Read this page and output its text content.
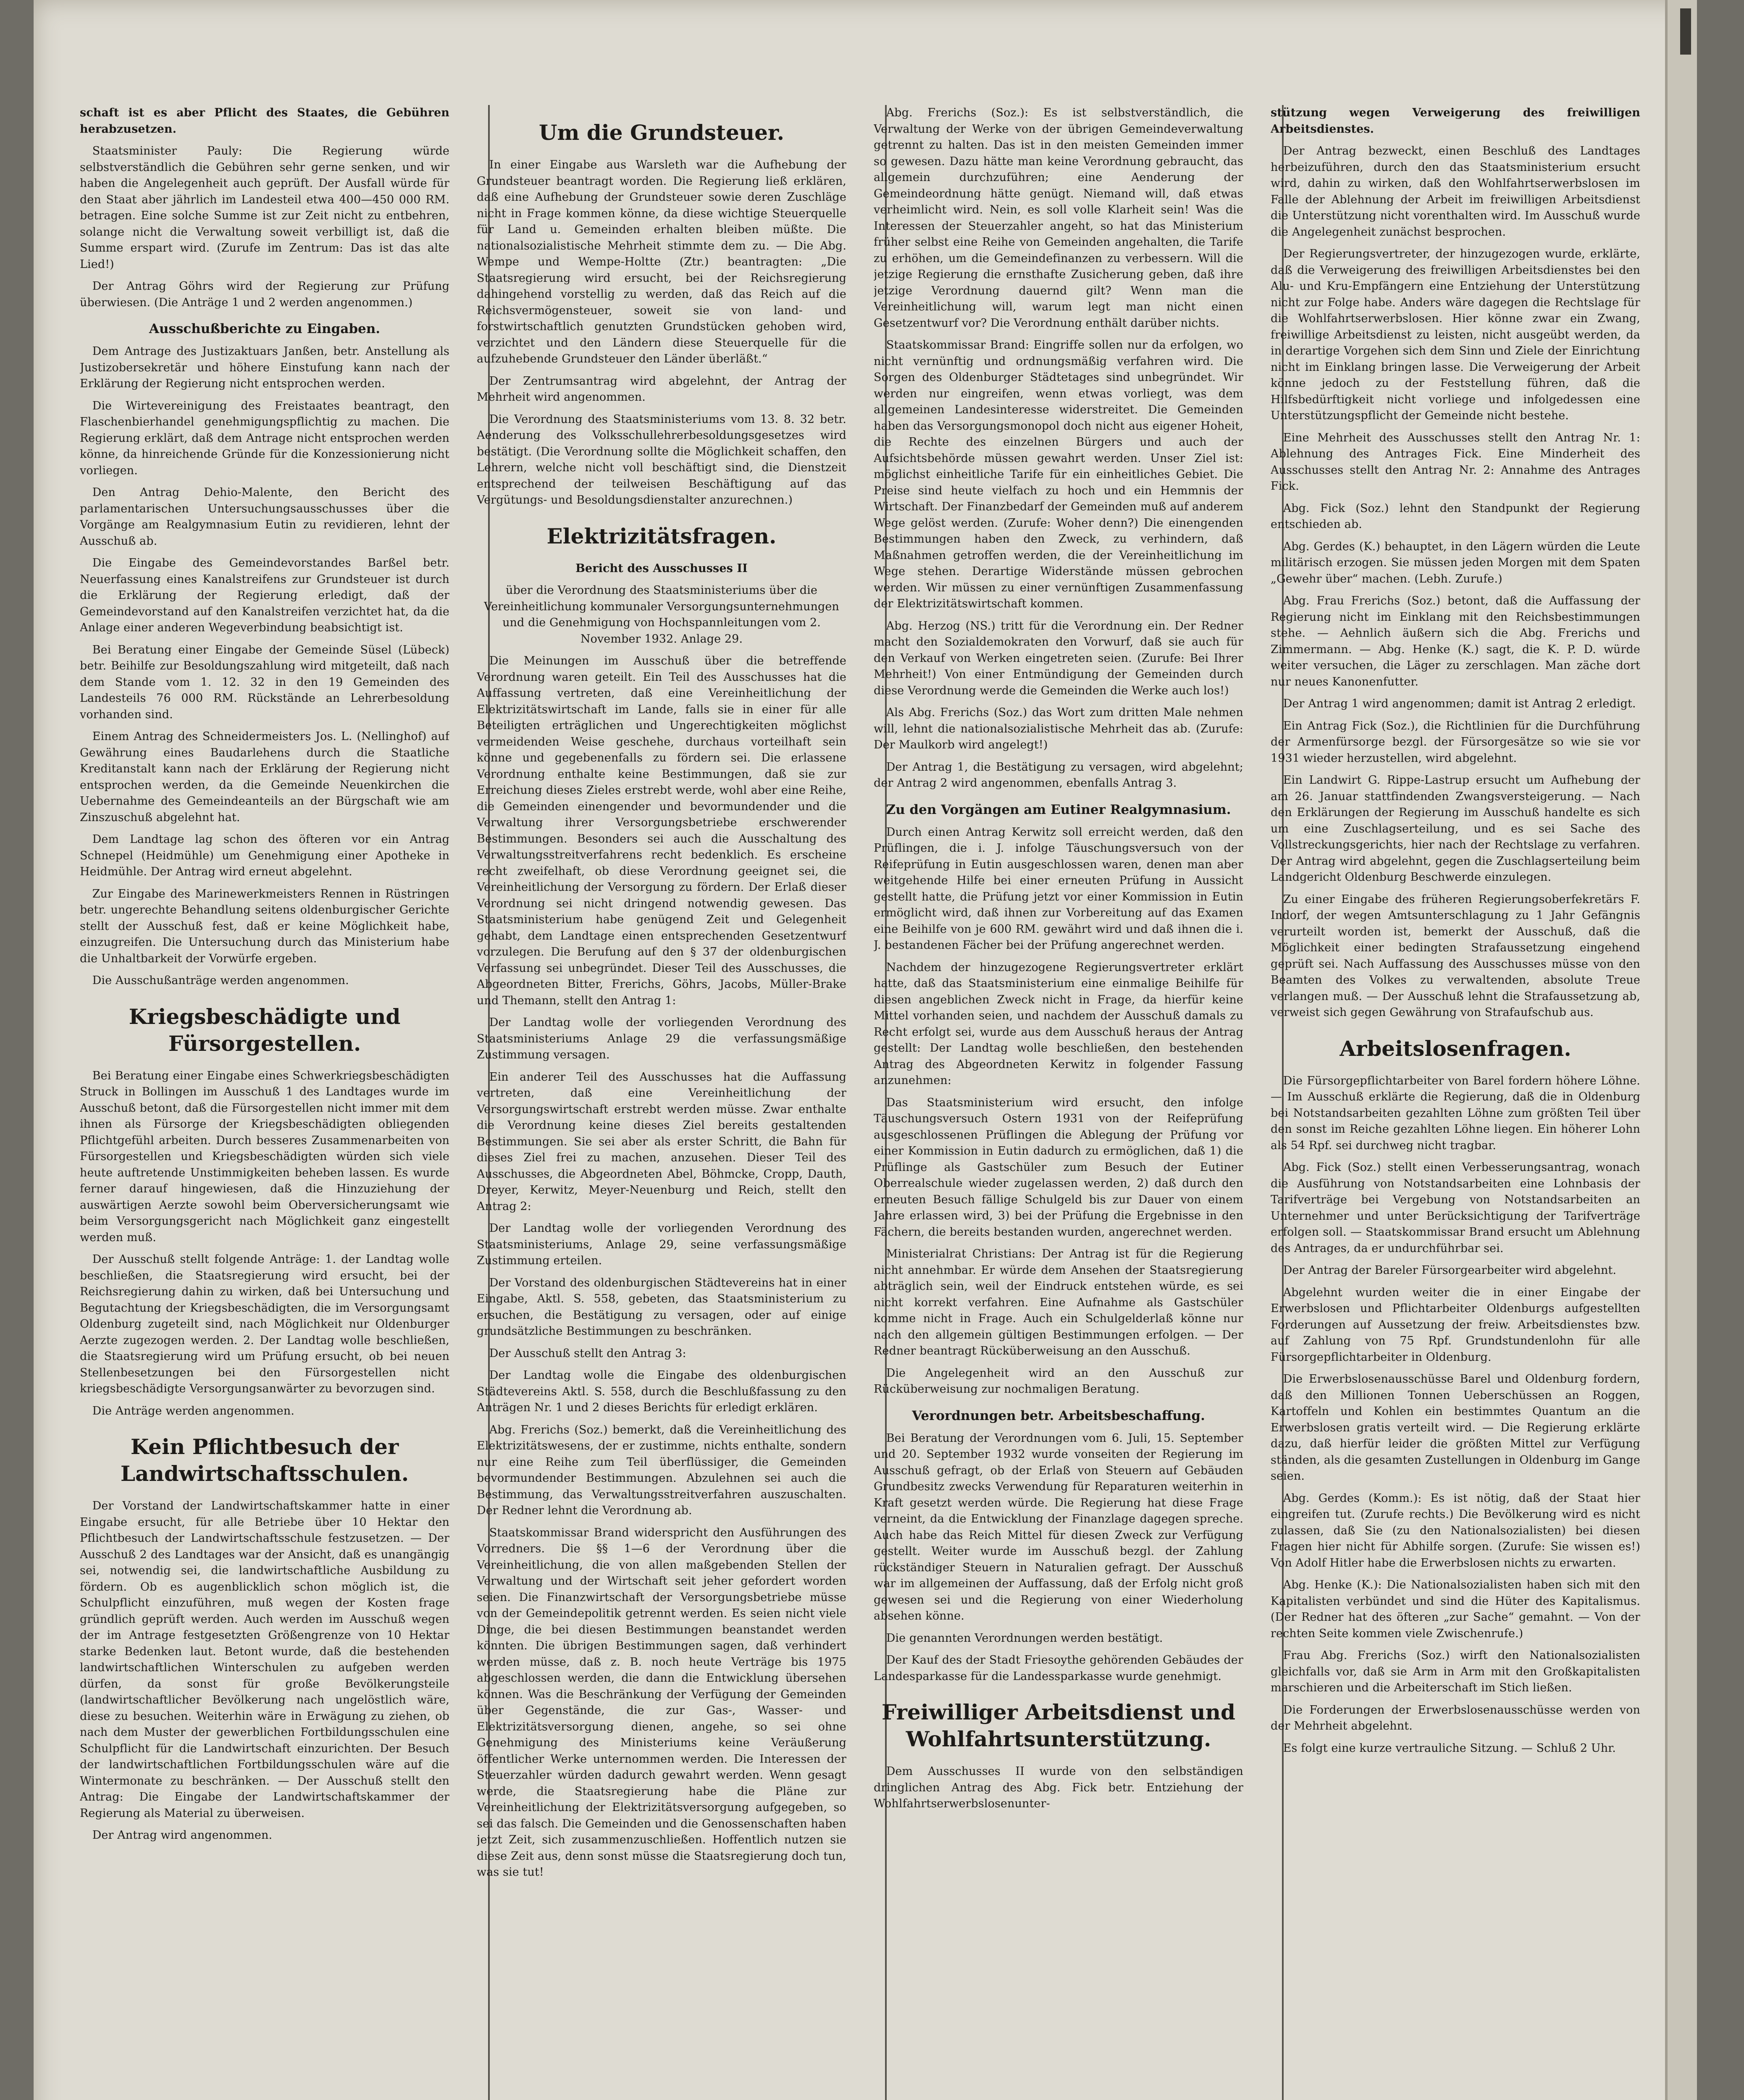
schaft ist es aber Pflicht des Staates, die Gebühren herabzusetzen.

Staatsminister Pauly: Die Regierung würde selbstverständlich die Gebühren sehr gerne senken, und wir haben die Angelegenheit auch geprüft. Der Ausfall würde für den Staat aber jährlich im Landesteil etwa 400—450 000 RM. betragen. Eine solche Summe ist zur Zeit nicht zu entbehren, solange nicht die Verwaltung soweit verbilligt ist, daß die Summe erspart wird. (Zurufe im Zentrum: Das ist das alte Lied!)

Der Antrag Göhrs wird der Regierung zur Prüfung überwiesen. (Die Anträge 1 und 2 werden angenommen.)

Ausschußberichte zu Eingaben.

Dem Antrage des Justizaktuars Janßen, betr. Anstellung als Justizobersekretär und höhere Einstufung kann nach der Erklärung der Regierung nicht entsprochen werden.

Die Wirtevereinigung des Freistaates beantragt, den Flaschenbierhandel genehmigungspflichtig zu machen. Die Regierung erklärt, daß dem Antrage nicht entsprochen werden könne, da hinreichende Gründe für die Konzessionierung nicht vorliegen.

Den Antrag Dehio-Malente, den Bericht des parlamentarischen Untersuchungsausschusses über die Vorgänge am Realgymnasium Eutin zu revidieren, lehnt der Ausschuß ab.

Die Eingabe des Gemeindevorstandes Barßel betr. Neuerfassung eines Kanalstreifens zur Grundsteuer ist durch die Erklärung der Regierung erledigt, daß der Gemeindevorstand auf den Kanalstreifen verzichtet hat, da die Anlage einer anderen Wegeverbindung beabsichtigt ist.

Bei Beratung einer Eingabe der Gemeinde Süsel (Lübeck) betr. Beihilfe zur Besoldungszahlung wird mitgeteilt, daß nach dem Stande vom 1. 12. 32 in den 19 Gemeinden des Landesteils 76 000 RM. Rückstände an Lehrerbesoldung vorhanden sind.

Einem Antrag des Schneidermeisters Jos. L. (Nellinghof) auf Gewährung eines Baudarlehens durch die Staatliche Kreditanstalt kann nach der Erklärung der Regierung nicht entsprochen werden, da die Gemeinde Neuenkirchen die Uebernahme des Gemeindeanteils an der Bürgschaft wie am Zinszuschuß abgelehnt hat.

Dem Landtage lag schon des öfteren vor ein Antrag Schnepel (Heidmühle) um Genehmigung einer Apotheke in Heidmühle. Der Antrag wird erneut abgelehnt.

Zur Eingabe des Marinewerkmeisters Rennen in Rüstringen betr. ungerechte Behandlung seitens oldenburgischer Gerichte stellt der Ausschuß fest, daß er keine Möglichkeit habe, einzugreifen. Die Untersuchung durch das Ministerium habe die Unhaltbarkeit der Vorwürfe ergeben.

Die Ausschußanträge werden angenommen.

Kriegsbeschädigte und Fürsorgestellen.

Bei Beratung einer Eingabe eines Schwerkriegsbeschädigten Struck in Bollingen im Ausschuß 1 des Landtages wurde im Ausschuß betont, daß die Fürsorgestellen nicht immer mit dem ihnen als Fürsorge der Kriegsbeschädigten obliegenden Pflichtgefühl arbeiten. Durch besseres Zusammenarbeiten von Fürsorgestellen und Kriegsbeschädigten würden sich viele heute auftretende Unstimmigkeiten beheben lassen. Es wurde ferner darauf hingewiesen, daß die Hinzuziehung der auswärtigen Aerzte sowohl beim Oberversicherungsamt wie beim Versorgungsgericht nach Möglichkeit ganz eingestellt werden muß.

Der Ausschuß stellt folgende Anträge: 1. der Landtag wolle beschließen, die Staatsregierung wird ersucht, bei der Reichsregierung dahin zu wirken, daß bei Untersuchung und Begutachtung der Kriegsbeschädigten, die im Versorgungsamt Oldenburg zugeteilt sind, nach Möglichkeit nur Oldenburger Aerzte zugezogen werden. 2. Der Landtag wolle beschließen, die Staatsregierung wird um Prüfung ersucht, ob bei neuen Stellenbesetzungen bei den Fürsorgestellen nicht kriegsbeschädigte Versorgungsanwärter zu bevorzugen sind.

Die Anträge werden angenommen.

Kein Pflichtbesuch der Landwirtschaftsschulen.

Der Vorstand der Landwirtschaftskammer hatte in einer Eingabe ersucht, für alle Betriebe über 10 Hektar den Pflichtbesuch der Landwirtschaftsschule festzusetzen. — Der Ausschuß 2 des Landtages war der Ansicht, daß es unangängig sei, notwendig sei, die landwirtschaftliche Ausbildung zu fördern. Ob es augenblicklich schon möglich ist, die Schulpflicht einzuführen, muß wegen der Kosten frage gründlich geprüft werden. Auch werden im Ausschuß wegen der im Antrage festgesetzten Größengrenze von 10 Hektar starke Bedenken laut. Betont wurde, daß die bestehenden landwirtschaftlichen Winterschulen zu aufgeben werden dürfen, da sonst für große Bevölkerungsteile (landwirtschaftlicher Bevölkerung nach ungelöstlich wäre, diese zu besuchen. Weiterhin wäre in Erwägung zu ziehen, ob nach dem Muster der gewerblichen Fortbildungsschulen eine Schulpflicht für die Landwirtschaft einzurichten. Der Besuch der landwirtschaftlichen Fortbildungsschulen wäre auf die Wintermonate zu beschränken. — Der Ausschuß stellt den Antrag: Die Eingabe der Landwirtschaftskammer der Regierung als Material zu überweisen.

Der Antrag wird angenommen.

Um die Grundsteuer.

In einer Eingabe aus Warsleth war die Aufhebung der Grundsteuer beantragt worden. Die Regierung ließ erklären, daß eine Aufhebung der Grundsteuer sowie deren Zuschläge nicht in Frage kommen könne, da diese wichtige Steuerquelle für Land u. Gemeinden erhalten bleiben müßte. Die nationalsozialistische Mehrheit stimmte dem zu. — Die Abg. Wempe und Wempe-Holtte (Ztr.) beantragten: „Die Staatsregierung wird ersucht, bei der Reichsregierung dahingehend vorstellig zu werden, daß das Reich auf die Reichsvermögensteuer, soweit sie von land- und forstwirtschaftlich genutzten Grundstücken gehoben wird, verzichtet und den Ländern diese Steuerquelle für die aufzuhebende Grundsteuer den Länder überläßt.“

Der Zentrumsantrag wird abgelehnt, der Antrag der Mehrheit wird angenommen.

Die Verordnung des Staatsministeriums vom 13. 8. 32 betr. Aenderung des Volksschullehrerbesoldungsgesetzes wird bestätigt. (Die Verordnung sollte die Möglichkeit schaffen, den Lehrern, welche nicht voll beschäftigt sind, die Dienstzeit entsprechend der teilweisen Beschäftigung auf das Vergütungs- und Besoldungsdienstalter anzurechnen.)

Elektrizitätsfragen.

Bericht des Ausschusses II

über die Verordnung des Staatsministeriums über die Vereinheitlichung kommunaler Versorgungsunternehmungen und die Genehmigung von Hochspannleitungen vom 2. November 1932. Anlage 29.

Die Meinungen im Ausschuß über die betreffende Verordnung waren geteilt. Ein Teil des Ausschusses hat die Auffassung vertreten, daß eine Vereinheitlichung der Elektrizitätswirtschaft im Lande, falls sie in einer für alle Beteiligten erträglichen und Ungerechtigkeiten möglichst vermeidenden Weise geschehe, durchaus vorteilhaft sein könne und gegebenenfalls zu fördern sei. Die erlassene Verordnung enthalte keine Bestimmungen, daß sie zur Erreichung dieses Zieles erstrebt werde, wohl aber eine Reihe, die Gemeinden einengender und bevormundender und die Verwaltung ihrer Versorgungsbetriebe erschwerender Bestimmungen. Besonders sei auch die Ausschaltung des Verwaltungsstreitverfahrens recht bedenklich. Es erscheine recht zweifelhaft, ob diese Verordnung geeignet sei, die Vereinheitlichung der Versorgung zu fördern. Der Erlaß dieser Verordnung sei nicht dringend notwendig gewesen. Das Staatsministerium habe genügend Zeit und Gelegenheit gehabt, dem Landtage einen entsprechenden Gesetzentwurf vorzulegen. Die Berufung auf den § 37 der oldenburgischen Verfassung sei unbegründet. Dieser Teil des Ausschusses, die Abgeordneten Bitter, Frerichs, Göhrs, Jacobs, Müller-Brake und Themann, stellt den Antrag 1:

Der Landtag wolle der vorliegenden Verordnung des Staatsministeriums Anlage 29 die verfassungsmäßige Zustimmung versagen.

Ein anderer Teil des Ausschusses hat die Auffassung vertreten, daß eine Vereinheitlichung der Versorgungswirtschaft erstrebt werden müsse. Zwar enthalte die Verordnung keine dieses Ziel bereits gestaltenden Bestimmungen. Sie sei aber als erster Schritt, die Bahn für dieses Ziel frei zu machen, anzusehen. Dieser Teil des Ausschusses, die Abgeordneten Abel, Böhmcke, Cropp, Dauth, Dreyer, Kerwitz, Meyer-Neuenburg und Reich, stellt den Antrag 2:

Der Landtag wolle der vorliegenden Verordnung des Staatsministeriums, Anlage 29, seine verfassungsmäßige Zustimmung erteilen.

Der Vorstand des oldenburgischen Städtevereins hat in einer Eingabe, Aktl. S. 558, gebeten, das Staatsministerium zu ersuchen, die Bestätigung zu versagen, oder auf einige grundsätzliche Bestimmungen zu beschränken.

Der Ausschuß stellt den Antrag 3:

Der Landtag wolle die Eingabe des oldenburgischen Städtevereins Aktl. S. 558, durch die Beschlußfassung zu den Anträgen Nr. 1 und 2 dieses Berichts für erledigt erklären.

Abg. Frerichs (Soz.) bemerkt, daß die Vereinheitlichung des Elektrizitätswesens, der er zustimme, nichts enthalte, sondern nur eine Reihe zum Teil überflüssiger, die Gemeinden bevormundender Bestimmungen. Abzulehnen sei auch die Bestimmung, das Verwaltungsstreitverfahren auszuschalten. Der Redner lehnt die Verordnung ab.

Staatskommissar Brand widerspricht den Ausführungen des Vorredners. Die §§ 1—6 der Verordnung über die Vereinheitlichung, die von allen maßgebenden Stellen der Verwaltung und der Wirtschaft seit jeher gefordert worden seien. Die Finanzwirtschaft der Versorgungsbetriebe müsse von der Gemeindepolitik getrennt werden. Es seien nicht viele Dinge, die bei diesen Bestimmungen beanstandet werden könnten. Die übrigen Bestimmungen sagen, daß verhindert werden müsse, daß z. B. noch heute Verträge bis 1975 abgeschlossen werden, die dann die Entwicklung übersehen können. Was die Beschränkung der Verfügung der Gemeinden über Gegenstände, die zur Gas-, Wasser- und Elektrizitätsversorgung dienen, angehe, so sei ohne Genehmigung des Ministeriums keine Veräußerung öffentlicher Werke unternommen werden. Die Interessen der Steuerzahler würden dadurch gewahrt werden. Wenn gesagt werde, die Staatsregierung habe die Pläne zur Vereinheitlichung der Elektrizitätsversorgung aufgegeben, so sei das falsch. Die Gemeinden und die Genossenschaften haben jetzt Zeit, sich zusammenzuschließen. Hoffentlich nutzen sie diese Zeit aus, denn sonst müsse die Staatsregierung doch tun, was sie tut!

Abg. Frerichs (Soz.): Es ist selbstverständlich, die Verwaltung der Werke von der übrigen Gemeindeverwaltung getrennt zu halten. Das ist in den meisten Gemeinden immer so gewesen. Dazu hätte man keine Verordnung gebraucht, das allgemein durchzuführen; eine Aenderung der Gemeindeordnung hätte genügt. Niemand will, daß etwas verheimlicht wird. Nein, es soll volle Klarheit sein! Was die Interessen der Steuerzahler angeht, so hat das Ministerium früher selbst eine Reihe von Gemeinden angehalten, die Tarife zu erhöhen, um die Gemeindefinanzen zu verbessern. Will die jetzige Regierung die ernsthafte Zusicherung geben, daß ihre jetzige Verordnung dauernd gilt? Wenn man die Vereinheitlichung will, warum legt man nicht einen Gesetzentwurf vor? Die Verordnung enthält darüber nichts.

Staatskommissar Brand: Eingriffe sollen nur da erfolgen, wo nicht vernünftig und ordnungsmäßig verfahren wird. Die Sorgen des Oldenburger Städtetages sind unbegründet. Wir werden nur eingreifen, wenn etwas vorliegt, was dem allgemeinen Landesinteresse widerstreitet. Die Gemeinden haben das Versorgungsmonopol doch nicht aus eigener Hoheit, die Rechte des einzelnen Bürgers und auch der Aufsichtsbehörde müssen gewahrt werden. Unser Ziel ist: möglichst einheitliche Tarife für ein einheitliches Gebiet. Die Preise sind heute vielfach zu hoch und ein Hemmnis der Wirtschaft. Der Finanzbedarf der Gemeinden muß auf anderem Wege gelöst werden. (Zurufe: Woher denn?) Die einengenden Bestimmungen haben den Zweck, zu verhindern, daß Maßnahmen getroffen werden, die der Vereinheitlichung im Wege stehen. Derartige Widerstände müssen gebrochen werden. Wir müssen zu einer vernünftigen Zusammenfassung der Elektrizitätswirtschaft kommen.

Abg. Herzog (NS.) tritt für die Verordnung ein. Der Redner macht den Sozialdemokraten den Vorwurf, daß sie auch für den Verkauf von Werken eingetreten seien. (Zurufe: Bei Ihrer Mehrheit!) Von einer Entmündigung der Gemeinden durch diese Verordnung werde die Gemeinden die Werke auch los!)

Als Abg. Frerichs (Soz.) das Wort zum dritten Male nehmen will, lehnt die nationalsozialistische Mehrheit das ab. (Zurufe: Der Maulkorb wird angelegt!)

Der Antrag 1, die Bestätigung zu versagen, wird abgelehnt; der Antrag 2 wird angenommen, ebenfalls Antrag 3.

Zu den Vorgängen am Eutiner Realgymnasium.

Durch einen Antrag Kerwitz soll erreicht werden, daß den Prüflingen, die i. J. infolge Täuschungsversuch von der Reifeprüfung in Eutin ausgeschlossen waren, denen man aber weitgehende Hilfe bei einer erneuten Prüfung in Aussicht gestellt hatte, die Prüfung jetzt vor einer Kommission in Eutin ermöglicht wird, daß ihnen zur Vorbereitung auf das Examen eine Beihilfe von je 600 RM. gewährt wird und daß ihnen die i. J. bestandenen Fächer bei der Prüfung angerechnet werden.

Nachdem der hinzugezogene Regierungsvertreter erklärt hatte, daß das Staatsministerium eine einmalige Beihilfe für diesen angeblichen Zweck nicht in Frage, da hierfür keine Mittel vorhanden seien, und nachdem der Ausschuß damals zu Recht erfolgt sei, wurde aus dem Ausschuß heraus der Antrag gestellt: Der Landtag wolle beschließen, den bestehenden Antrag des Abgeordneten Kerwitz in folgender Fassung anzunehmen:

Das Staatsministerium wird ersucht, den infolge Täuschungsversuch Ostern 1931 von der Reifeprüfung ausgeschlossenen Prüflingen die Ablegung der Prüfung vor einer Kommission in Eutin dadurch zu ermöglichen, daß 1) die Prüflinge als Gastschüler zum Besuch der Eutiner Oberrealschule wieder zugelassen werden, 2) daß durch den erneuten Besuch fällige Schulgeld bis zur Dauer von einem Jahre erlassen wird, 3) bei der Prüfung die Ergebnisse in den Fächern, die bereits bestanden wurden, angerechnet werden.

Ministerialrat Christians: Der Antrag ist für die Regierung nicht annehmbar. Er würde dem Ansehen der Staatsregierung abträglich sein, weil der Eindruck entstehen würde, es sei nicht korrekt verfahren. Eine Aufnahme als Gastschüler komme nicht in Frage. Auch ein Schulgelderlaß könne nur nach den allgemein gültigen Bestimmungen erfolgen. — Der Redner beantragt Rücküberweisung an den Ausschuß.

Die Angelegenheit wird an den Ausschuß zur Rücküberweisung zur nochmaligen Beratung.

Verordnungen betr. Arbeitsbeschaffung.

Bei Beratung der Verordnungen vom 6. Juli, 15. September und 20. September 1932 wurde vonseiten der Regierung im Ausschuß gefragt, ob der Erlaß von Steuern auf Gebäuden Grundbesitz zwecks Verwendung für Reparaturen weiterhin in Kraft gesetzt werden würde. Die Regierung hat diese Frage verneint, da die Entwicklung der Finanzlage dagegen spreche. Auch habe das Reich Mittel für diesen Zweck zur Verfügung gestellt. Weiter wurde im Ausschuß bezgl. der Zahlung rückständiger Steuern in Naturalien gefragt. Der Ausschuß war im allgemeinen der Auffassung, daß der Erfolg nicht groß gewesen sei und die Regierung von einer Wiederholung absehen könne.

Die genannten Verordnungen werden bestätigt.

Der Kauf des der Stadt Friesoythe gehörenden Gebäudes der Landesparkasse für die Landessparkasse wurde genehmigt.

Freiwilliger Arbeitsdienst und Wohlfahrtsunterstützung.

Dem Ausschusses II wurde von den selbständigen dringlichen Antrag des Abg. Fick betr. Entziehung der Wohlfahrtserwerbslosenunter-

stützung wegen Verweigerung des freiwilligen Arbeitsdienstes.

Der Antrag bezweckt, einen Beschluß des Landtages herbeizuführen, durch den das Staatsministerium ersucht wird, dahin zu wirken, daß den Wohlfahrtserwerbslosen im Falle der Ablehnung der Arbeit im freiwilligen Arbeitsdienst die Unterstützung nicht vorenthalten wird. Im Ausschuß wurde die Angelegenheit zunächst besprochen.

Der Regierungsvertreter, der hinzugezogen wurde, erklärte, daß die Verweigerung des freiwilligen Arbeitsdienstes bei den Alu- und Kru-Empfängern eine Entziehung der Unterstützung nicht zur Folge habe. Anders wäre dagegen die Rechtslage für die Wohlfahrtserwerbslosen. Hier könne zwar ein Zwang, freiwillige Arbeitsdienst zu leisten, nicht ausgeübt werden, da in derartige Vorgehen sich dem Sinn und Ziele der Einrichtung nicht im Einklang bringen lasse. Die Verweigerung der Arbeit könne jedoch zu der Feststellung führen, daß die Hilfsbedürftigkeit nicht vorliege und infolgedessen eine Unterstützungspflicht der Gemeinde nicht bestehe.

Eine Mehrheit des Ausschusses stellt den Antrag Nr. 1: Ablehnung des Antrages Fick. Eine Minderheit des Ausschusses stellt den Antrag Nr. 2: Annahme des Antrages Fick.

Abg. Fick (Soz.) lehnt den Standpunkt der Regierung entschieden ab.

Abg. Gerdes (K.) behauptet, in den Lägern würden die Leute militärisch erzogen. Sie müssen jeden Morgen mit dem Spaten „Gewehr über“ machen. (Lebh. Zurufe.)

Abg. Frau Frerichs (Soz.) betont, daß die Auffassung der Regierung nicht im Einklang mit den Reichsbestimmungen stehe. — Aehnlich äußern sich die Abg. Frerichs und Zimmermann. — Abg. Henke (K.) sagt, die K. P. D. würde weiter versuchen, die Läger zu zerschlagen. Man zäche dort nur neues Kanonenfutter.

Der Antrag 1 wird angenommen; damit ist Antrag 2 erledigt.

Ein Antrag Fick (Soz.), die Richtlinien für die Durchführung der Armenfürsorge bezgl. der Fürsorgesätze so wie sie vor 1931 wieder herzustellen, wird abgelehnt.

Ein Landwirt G. Rippe-Lastrup ersucht um Aufhebung der am 26. Januar stattfindenden Zwangsversteigerung. — Nach den Erklärungen der Regierung im Ausschuß handelte es sich um eine Zuschlagserteilung, und es sei Sache des Vollstreckungsgerichts, hier nach der Rechtslage zu verfahren. Der Antrag wird abgelehnt, gegen die Zuschlagserteilung beim Landgericht Oldenburg Beschwerde einzulegen.

Zu einer Eingabe des früheren Regierungsoberfekretärs F. Indorf, der wegen Amtsunterschlagung zu 1 Jahr Gefängnis verurteilt worden ist, bemerkt der Ausschuß, daß die Möglichkeit einer bedingten Strafaussetzung eingehend geprüft sei. Nach Auffassung des Ausschusses müsse von den Beamten des Volkes zu verwaltenden, absolute Treue verlangen muß. — Der Ausschuß lehnt die Strafaussetzung ab, verweist sich gegen Gewährung von Strafaufschub aus.

Arbeitslosenfragen.

Die Fürsorgepflichtarbeiter von Barel fordern höhere Löhne. — Im Ausschuß erklärte die Regierung, daß die in Oldenburg bei Notstandsarbeiten gezahlten Löhne zum größten Teil über den sonst im Reiche gezahlten Löhne liegen. Ein höherer Lohn als 54 Rpf. sei durchweg nicht tragbar.

Abg. Fick (Soz.) stellt einen Verbesserungsantrag, wonach die Ausführung von Notstandsarbeiten eine Lohnbasis der Tarifverträge bei Vergebung von Notstandsarbeiten an Unternehmer und unter Berücksichtigung der Tarifverträge erfolgen soll. — Staatskommissar Brand ersucht um Ablehnung des Antrages, da er undurchführbar sei.

Der Antrag der Bareler Fürsorgearbeiter wird abgelehnt.

Abgelehnt wurden weiter die in einer Eingabe der Erwerbslosen und Pflichtarbeiter Oldenburgs aufgestellten Forderungen auf Aussetzung der freiw. Arbeitsdienstes bzw. auf Zahlung von 75 Rpf. Grundstundenlohn für alle Fürsorgepflichtarbeiter in Oldenburg.

Die Erwerbslosenausschüsse Barel und Oldenburg fordern, daß den Millionen Tonnen Ueberschüssen an Roggen, Kartoffeln und Kohlen ein bestimmtes Quantum an die Erwerbslosen gratis verteilt wird. — Die Regierung erklärte dazu, daß hierfür leider die größten Mittel zur Verfügung ständen, als die gesamten Zustellungen in Oldenburg im Gange seien.

Abg. Gerdes (Komm.): Es ist nötig, daß der Staat hier eingreifen tut. (Zurufe rechts.) Die Bevölkerung wird es nicht zulassen, daß Sie (zu den Nationalsozialisten) bei diesen Fragen hier nicht für Abhilfe sorgen. (Zurufe: Sie wissen es!) Von Adolf Hitler habe die Erwerbslosen nichts zu erwarten.

Abg. Henke (K.): Die Nationalsozialisten haben sich mit den Kapitalisten verbündet und sind die Hüter des Kapitalismus. (Der Redner hat des öfteren „zur Sache“ gemahnt. — Von der rechten Seite kommen viele Zwischenrufe.)

Frau Abg. Frerichs (Soz.) wirft den Nationalsozialisten gleichfalls vor, daß sie Arm in Arm mit den Großkapitalisten marschieren und die Arbeiterschaft im Stich ließen.

Die Forderungen der Erwerbslosenausschüsse werden von der Mehrheit abgelehnt.

Es folgt eine kurze vertrauliche Sitzung. — Schluß 2 Uhr.
